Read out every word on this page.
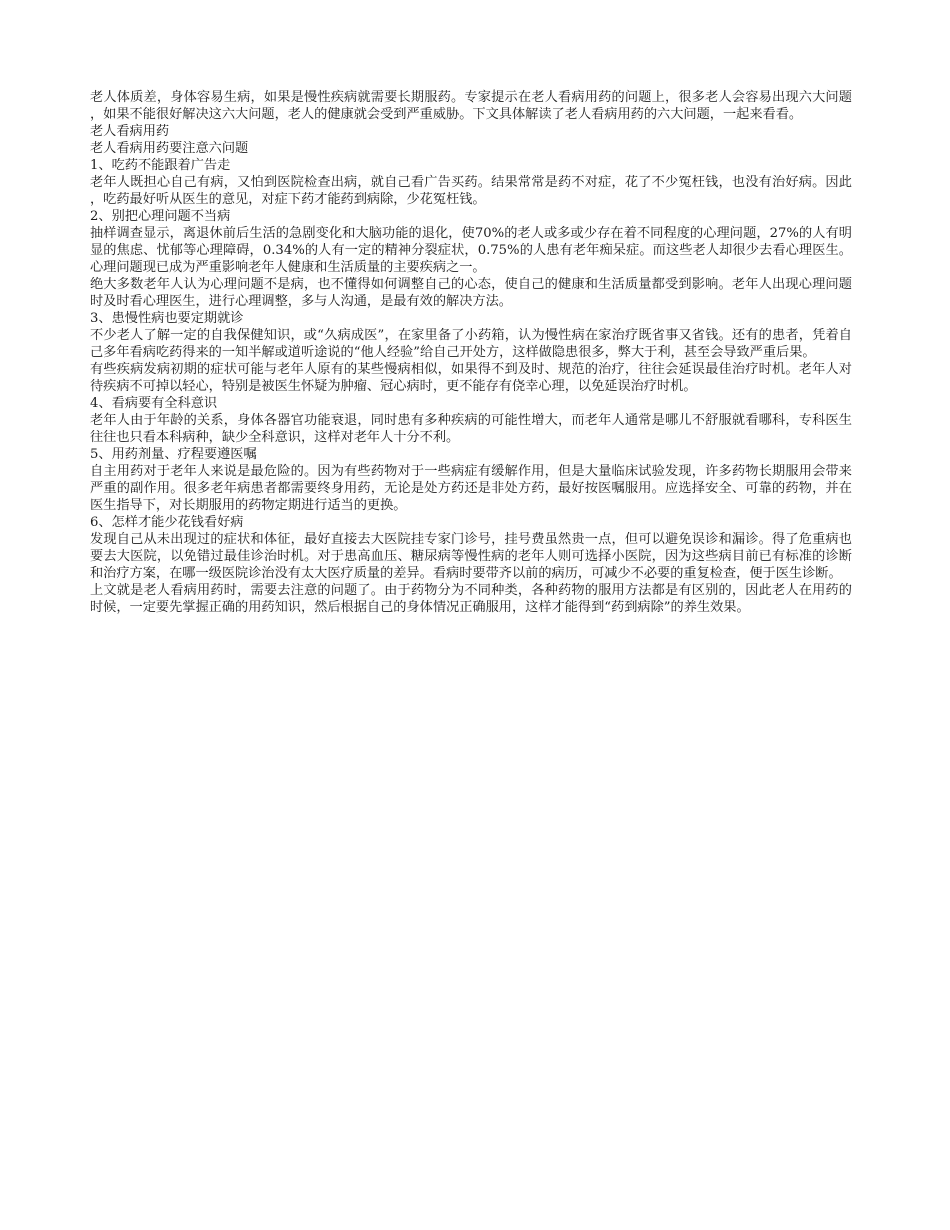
老人体质差，身体容易生病，如果是慢性疾病就需要长期服药。专家提示在老人看病用药的问题上，很多老人会容易出现六大问题，如果不能很好解决这六大问题，老人的健康就会受到严重威胁。下文具体解读了老人看病用药的六大问题，一起来看看。

老人看病用药

老人看病用药要注意六问题

1、吃药不能跟着广告走

老年人既担心自己有病，又怕到医院检查出病，就自己看广告买药。结果常常是药不对症，花了不少冤枉钱，也没有治好病。因此，吃药最好听从医生的意见，对症下药才能药到病除，少花冤枉钱。

2、别把心理问题不当病

抽样调查显示，离退休前后生活的急剧变化和大脑功能的退化，使70%的老人或多或少存在着不同程度的心理问题，27%的人有明显的焦虑、忧郁等心理障碍，0.34%的人有一定的精神分裂症状，0.75%的人患有老年痴呆症。而这些老人却很少去看心理医生。心理问题现已成为严重影响老年人健康和生活质量的主要疾病之一。

绝大多数老年人认为心理问题不是病，也不懂得如何调整自己的心态，使自己的健康和生活质量都受到影响。老年人出现心理问题时及时看心理医生，进行心理调整，多与人沟通，是最有效的解决方法。

3、患慢性病也要定期就诊

不少老人了解一定的自我保健知识，或“久病成医”，在家里备了小药箱，认为慢性病在家治疗既省事又省钱。还有的患者，凭着自己多年看病吃药得来的一知半解或道听途说的“他人经验”给自己开处方，这样做隐患很多，弊大于利，甚至会导致严重后果。

有些疾病发病初期的症状可能与老年人原有的某些慢病相似，如果得不到及时、规范的治疗，往往会延误最佳治疗时机。老年人对待疾病不可掉以轻心，特别是被医生怀疑为肿瘤、冠心病时，更不能存有侥幸心理，以免延误治疗时机。

4、看病要有全科意识

老年人由于年龄的关系，身体各器官功能衰退，同时患有多种疾病的可能性增大，而老年人通常是哪儿不舒服就看哪科，专科医生往往也只看本科病种，缺少全科意识，这样对老年人十分不利。

5、用药剂量、疗程要遵医嘱

自主用药对于老年人来说是最危险的。因为有些药物对于一些病症有缓解作用，但是大量临床试验发现，许多药物长期服用会带来严重的副作用。很多老年病患者都需要终身用药，无论是处方药还是非处方药，最好按医嘱服用。应选择安全、可靠的药物，并在医生指导下，对长期服用的药物定期进行适当的更换。

6、怎样才能少花钱看好病

发现自己从未出现过的症状和体征，最好直接去大医院挂专家门诊号，挂号费虽然贵一点，但可以避免误诊和漏诊。得了危重病也要去大医院，以免错过最佳诊治时机。对于患高血压、糖尿病等慢性病的老年人则可选择小医院，因为这些病目前已有标准的诊断和治疗方案，在哪一级医院诊治没有太大医疗质量的差异。看病时要带齐以前的病历，可减少不必要的重复检查，便于医生诊断。

上文就是老人看病用药时，需要去注意的问题了。由于药物分为不同种类，各种药物的服用方法都是有区别的，因此老人在用药的时候，一定要先掌握正确的用药知识，然后根据自己的身体情况正确服用，这样才能得到“药到病除”的养生效果。
